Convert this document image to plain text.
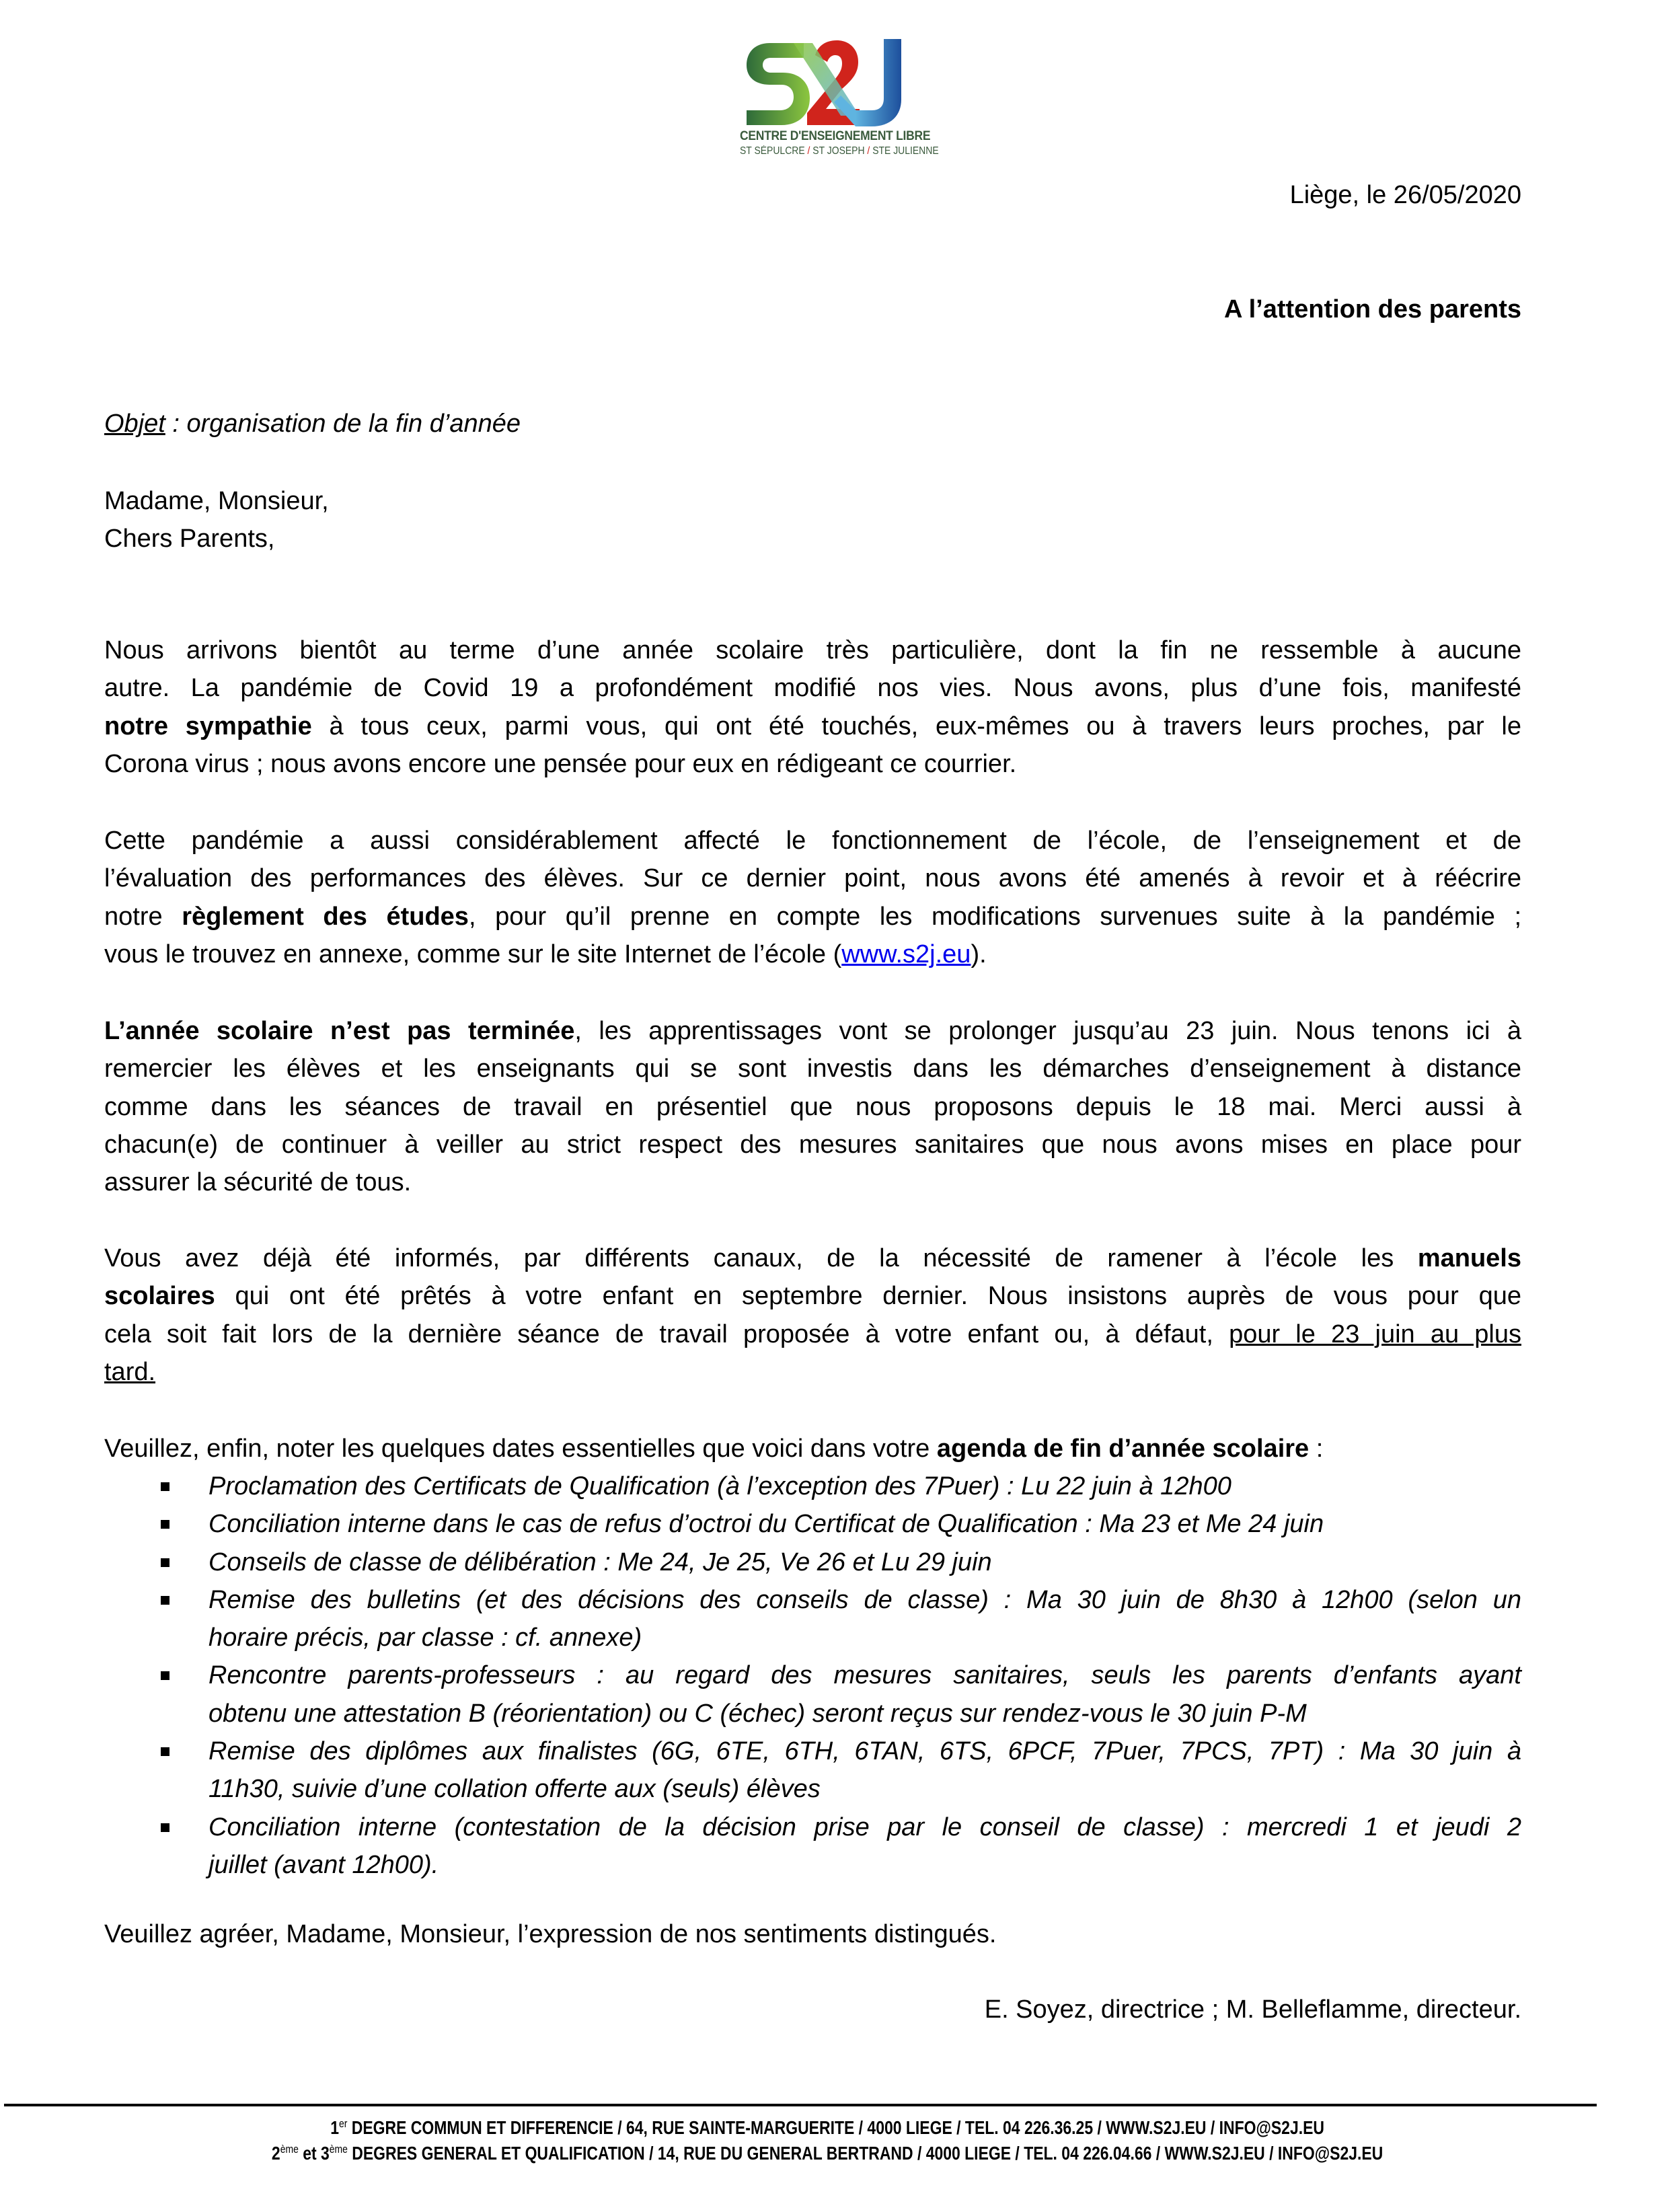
CENTRE D'ENSEIGNEMENT LIBRE
ST SÉPULCRE / ST JOSEPH / STE JULIENNE
Liège, le 26/05/2020
A l’attention des parents
Objet : organisation de la fin d’année
Madame, Monsieur,
Chers Parents,
Nous arrivons bientôt au terme d’une année scolaire très particulière, dont la fin ne ressemble à aucune
autre. La pandémie de Covid 19 a profondément modifié nos vies. Nous avons, plus d’une fois, manifesté
notre sympathie à tous ceux, parmi vous, qui ont été touchés, eux-mêmes ou à travers leurs proches, par le
Corona virus ; nous avons encore une pensée pour eux en rédigeant ce courrier.
Cette pandémie a aussi considérablement affecté le fonctionnement de l’école, de l’enseignement et de
l’évaluation des performances des élèves. Sur ce dernier point, nous avons été amenés à revoir et à réécrire
notre règlement des études, pour qu’il prenne en compte les modifications survenues suite à la pandémie ;
vous le trouvez en annexe, comme sur le site Internet de l’école (www.s2j.eu).
L’année scolaire n’est pas terminée, les apprentissages vont se prolonger jusqu’au 23 juin. Nous tenons ici à
remercier les élèves et les enseignants qui se sont investis dans les démarches d’enseignement à distance
comme dans les séances de travail en présentiel que nous proposons depuis le 18 mai. Merci aussi à
chacun(e) de continuer à veiller au strict respect des mesures sanitaires que nous avons mises en place pour
assurer la sécurité de tous.
Vous avez déjà été informés, par différents canaux, de la nécessité de ramener à l’école les manuels
scolaires qui ont été prêtés à votre enfant en septembre dernier. Nous insistons auprès de vous pour que
cela soit fait lors de la dernière séance de travail proposée à votre enfant ou, à défaut, pour le 23 juin au plus
tard.
Veuillez, enfin, noter les quelques dates essentielles que voici dans votre agenda de fin d’année scolaire :
Proclamation des Certificats de Qualification (à l’exception des 7Puer) : Lu 22 juin à 12h00
Conciliation interne dans le cas de refus d’octroi du Certificat de Qualification : Ma 23 et Me 24 juin
Conseils de classe de délibération : Me 24, Je 25, Ve 26 et Lu 29 juin
Remise des bulletins (et des décisions des conseils de classe) : Ma 30 juin de 8h30 à 12h00 (selon un
horaire précis, par classe : cf. annexe)
Rencontre parents-professeurs : au regard des mesures sanitaires, seuls les parents d’enfants ayant
obtenu une attestation B (réorientation) ou C (échec) seront reçus sur rendez-vous le 30 juin P-M
Remise des diplômes aux finalistes (6G, 6TE, 6TH, 6TAN, 6TS, 6PCF, 7Puer, 7PCS, 7PT) : Ma 30 juin à
11h30, suivie d’une collation offerte aux (seuls) élèves
Conciliation interne (contestation de la décision prise par le conseil de classe) : mercredi 1 et jeudi 2
juillet (avant 12h00).
Veuillez agréer, Madame, Monsieur, l’expression de nos sentiments distingués.
E. Soyez, directrice ; M. Belleflamme, directeur.
1er DEGRE COMMUN ET DIFFERENCIE / 64, RUE SAINTE-MARGUERITE / 4000 LIEGE / TEL. 04 226.36.25 / WWW.S2J.EU / INFO@S2J.EU
2ème et 3ème DEGRES GENERAL ET QUALIFICATION / 14, RUE DU GENERAL BERTRAND / 4000 LIEGE / TEL. 04 226.04.66 / WWW.S2J.EU / INFO@S2J.EU
